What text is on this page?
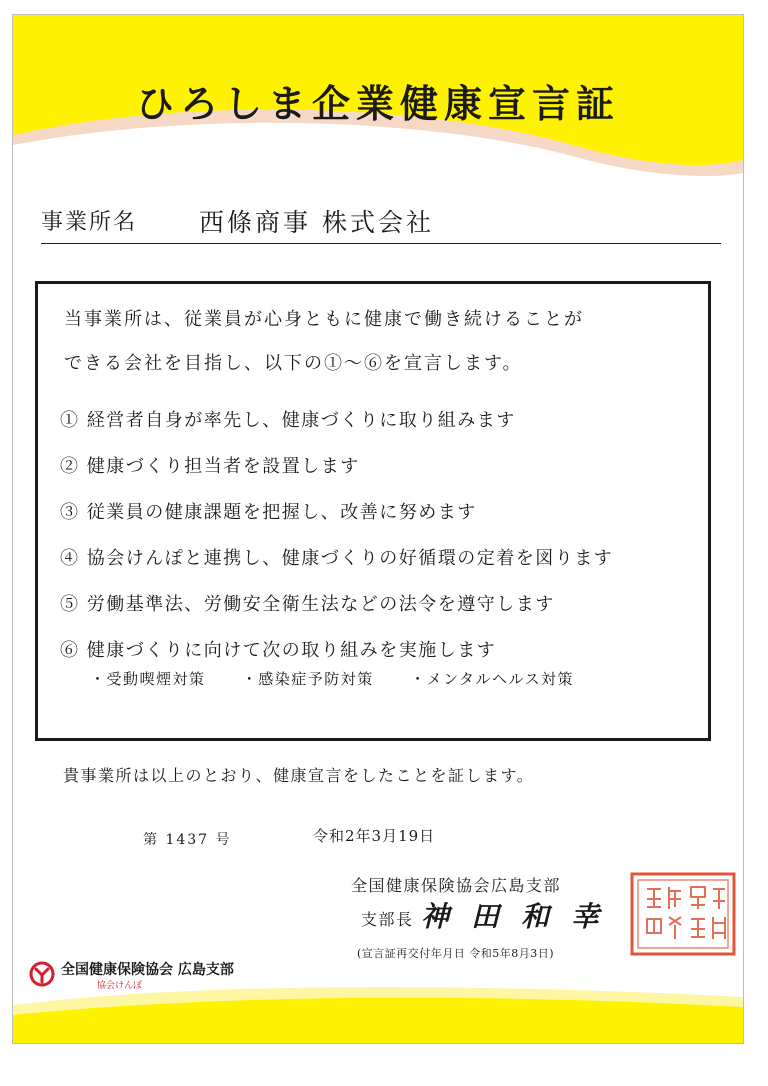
ひろしま企業健康宣言証
事業所名 西條商事 株式会社
当事業所は、従業員が心身ともに健康で働き続けることが
できる会社を目指し、以下の①～⑥を宣言します。
① 経営者自身が率先し、健康づくりに取り組みます
② 健康づくり担当者を設置します
③ 従業員の健康課題を把握し、改善に努めます
④ 協会けんぽと連携し、健康づくりの好循環の定着を図ります
⑤ 労働基準法、労働安全衛生法などの法令を遵守します
⑥ 健康づくりに向けて次の取り組みを実施します
・受動喫煙対策 ・感染症予防対策 ・メンタルヘルス対策
貴事業所は以上のとおり、健康宣言をしたことを証します。
第 1437 号	令和2年3月19日
全国健康保険協会広島支部
支部長 神田和幸
(宣言証再交付年月日 令和5年8月3日)
全国健康保険協会 広島支部
協会けんぽ
